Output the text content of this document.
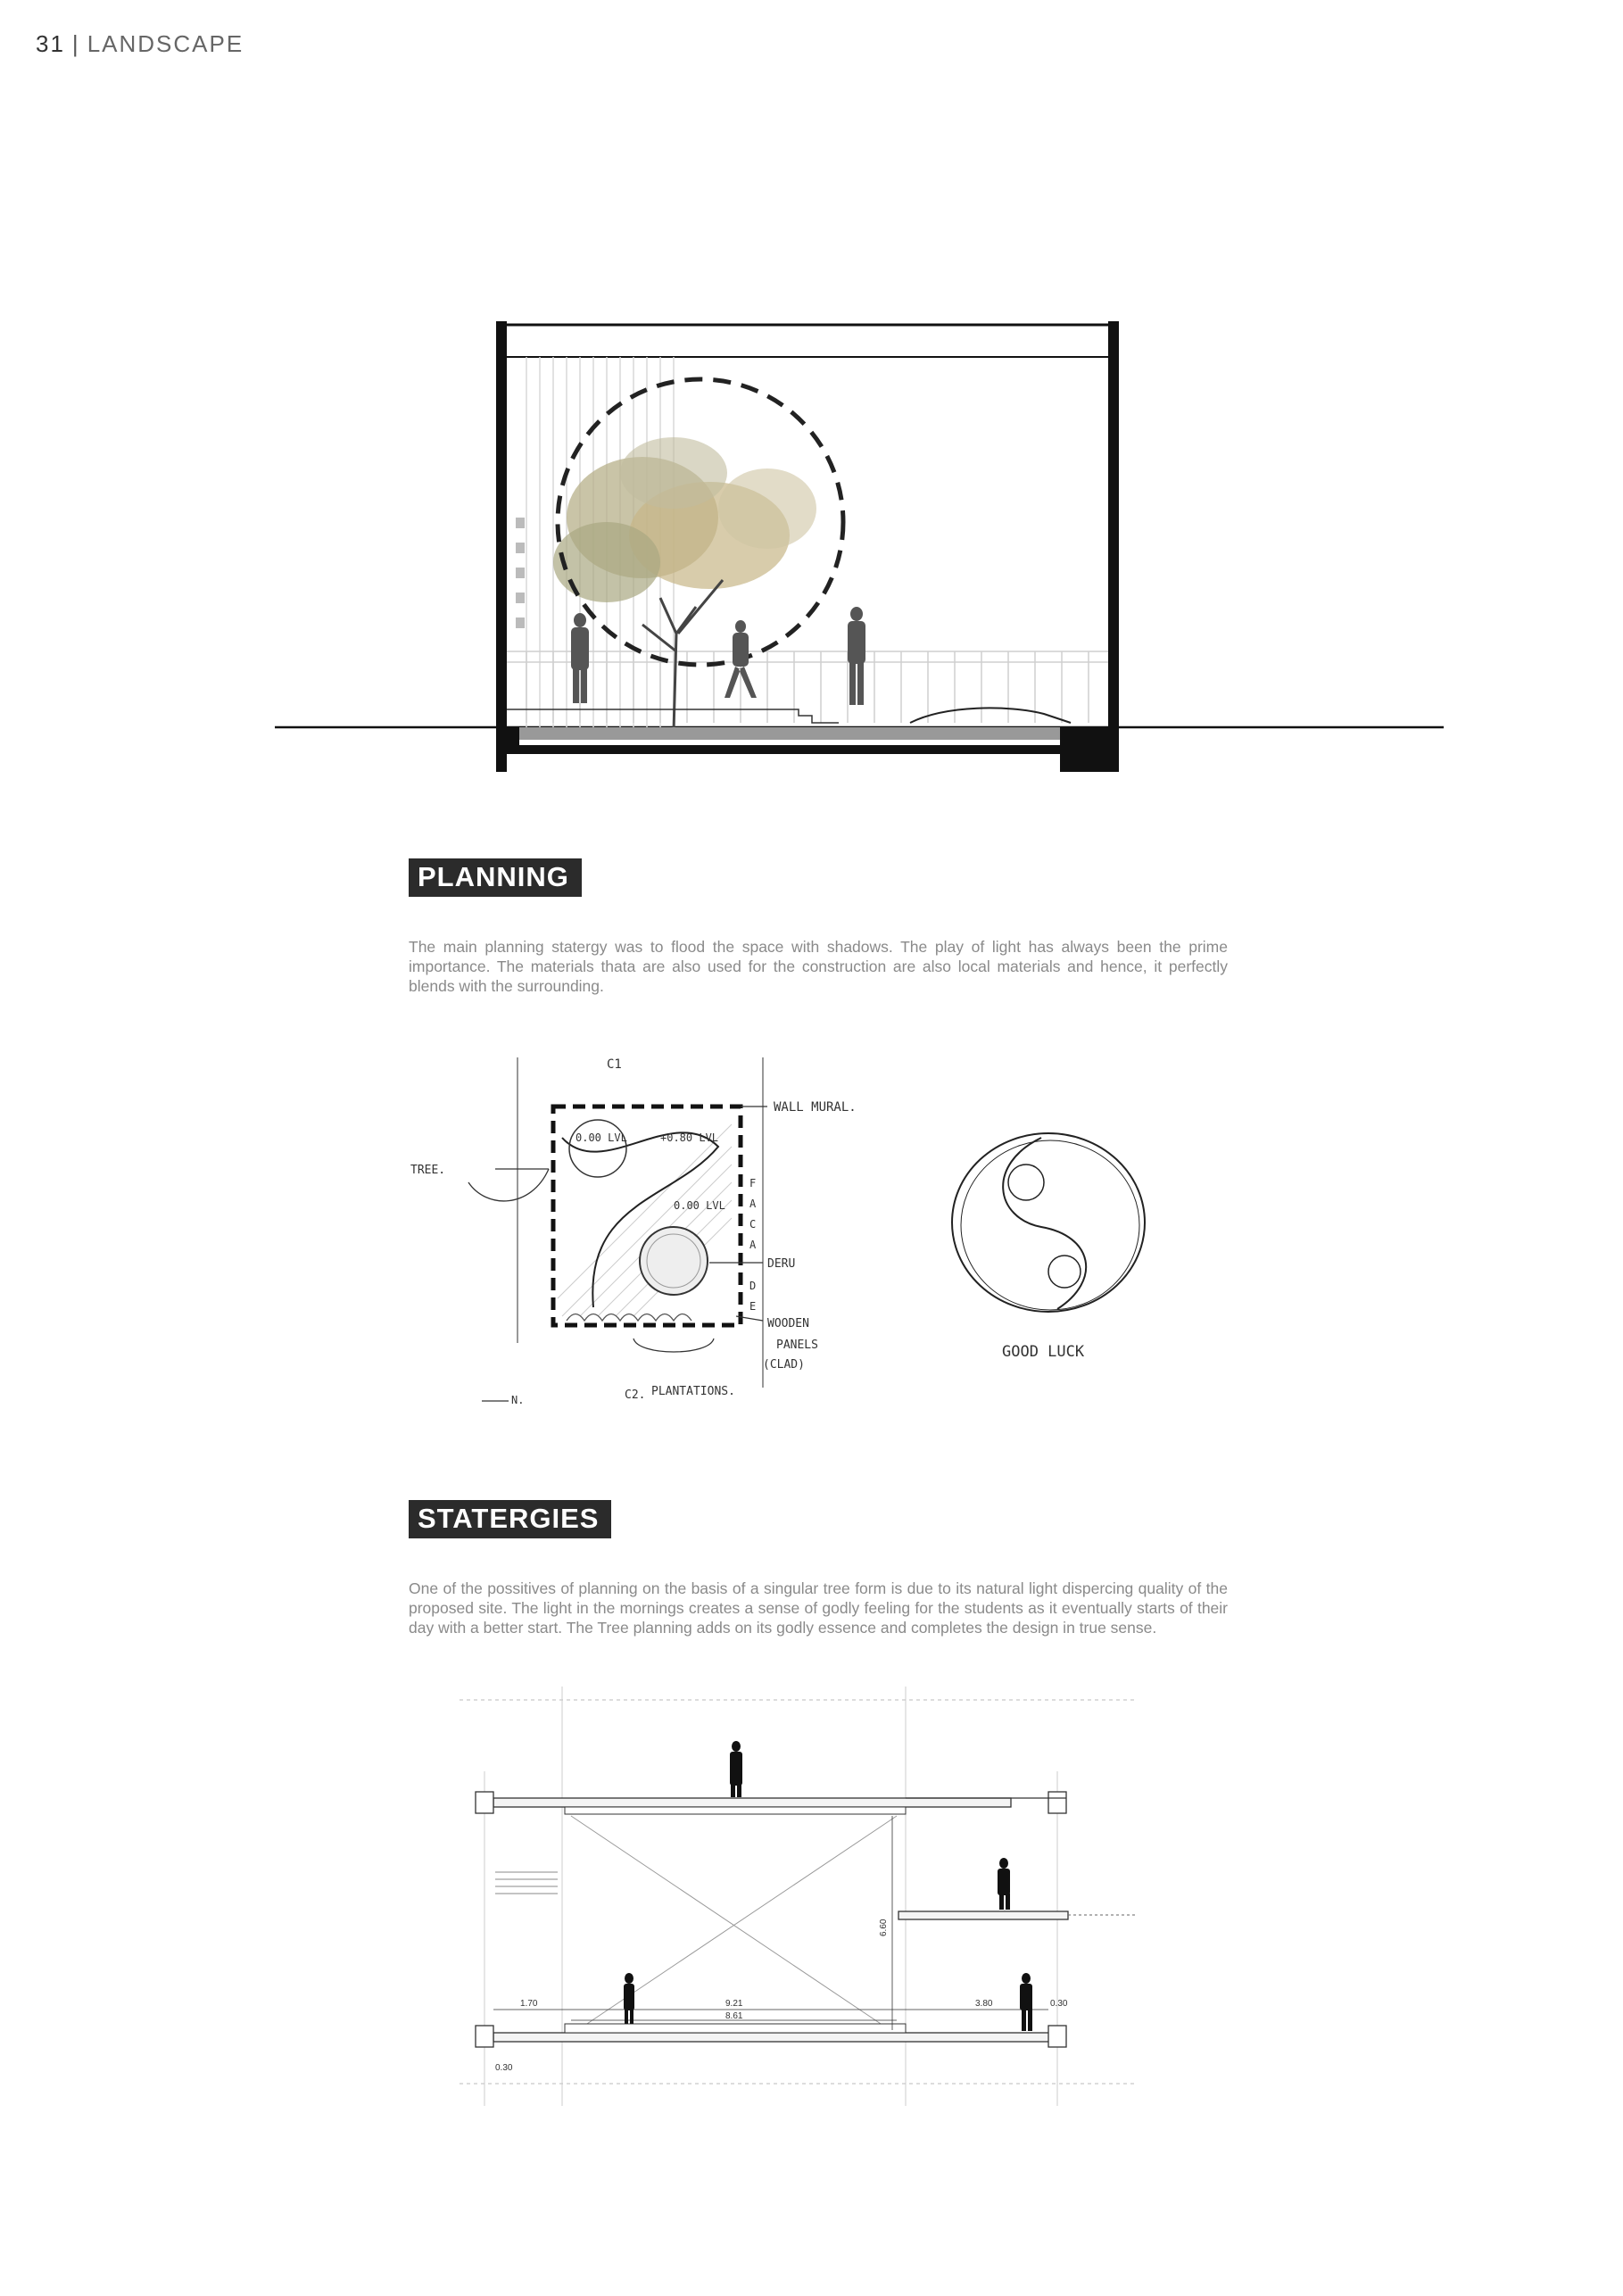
31 | LANDSCAPE
PLANNING
The main planning statergy was to flood the space with shadows. The play of light has always been the prime importance. The materials thata are also used for the construction are also local materials and hence, it perfectly blends with the surrounding.
C1
WALL MURAL.
0.00 LVL	+0.80 LVL
0.00 LVL
TREE.
F
A
C
A
D
E
DERU
WOODEN
PANELS
(CLAD)
PLANTATIONS.
C2.
N.
GOOD LUCK
STATERGIES
One of the possitives of planning on the basis of a singular tree form is due to its natural light dispercing quality of the proposed site. The light in the mornings creates a sense of godly feeling for the students as it eventually starts of their day with a better start. The Tree planning adds on its godly essence and completes the design in true sense.
1.70	9.21
8.61
3.80	0.30
0.30
6.60
